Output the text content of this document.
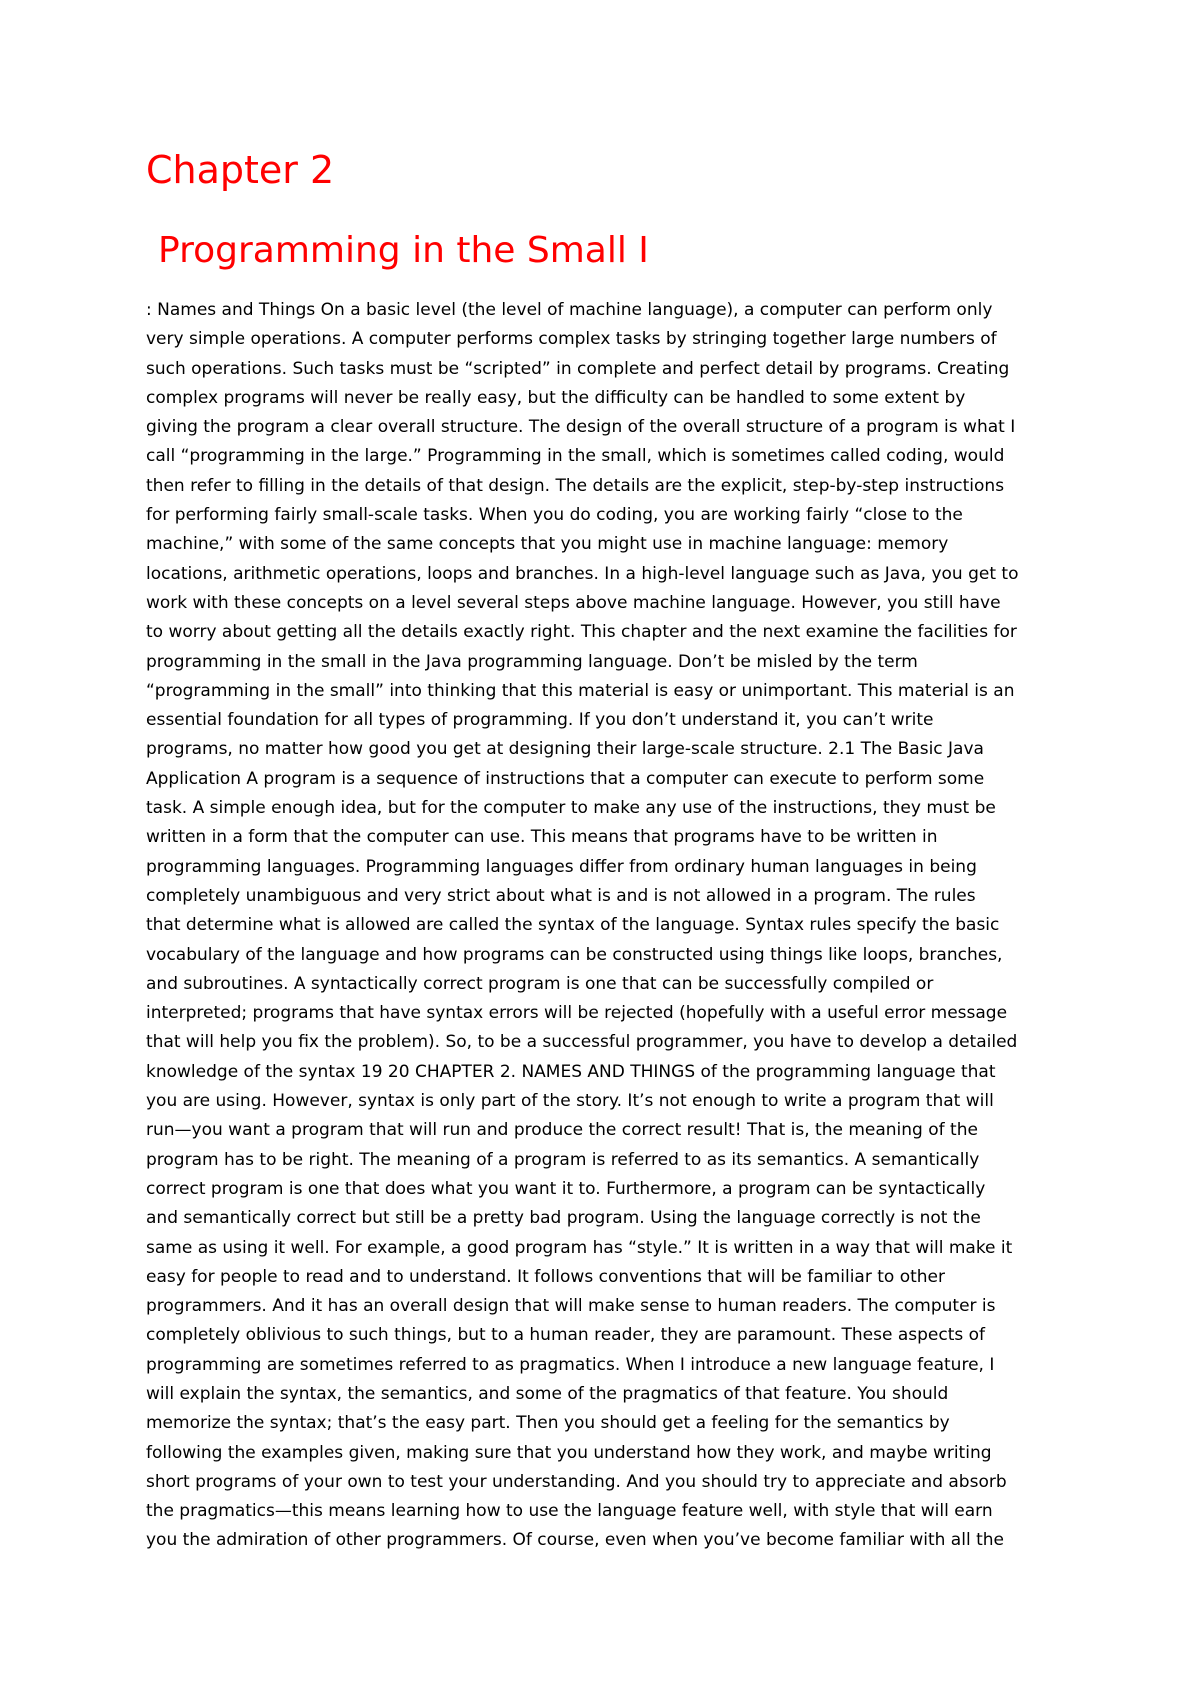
Chapter 2
Programming in the Small I
: Names and Things On a basic level (the level of machine language), a computer can perform only
very simple operations. A computer performs complex tasks by stringing together large numbers of
such operations. Such tasks must be “scripted” in complete and perfect detail by programs. Creating
complex programs will never be really easy, but the difficulty can be handled to some extent by
giving the program a clear overall structure. The design of the overall structure of a program is what I
call “programming in the large.” Programming in the small, which is sometimes called coding, would
then refer to filling in the details of that design. The details are the explicit, step-by-step instructions
for performing fairly small-scale tasks. When you do coding, you are working fairly “close to the
machine,” with some of the same concepts that you might use in machine language: memory
locations, arithmetic operations, loops and branches. In a high-level language such as Java, you get to
work with these concepts on a level several steps above machine language. However, you still have
to worry about getting all the details exactly right. This chapter and the next examine the facilities for
programming in the small in the Java programming language. Don’t be misled by the term
“programming in the small” into thinking that this material is easy or unimportant. This material is an
essential foundation for all types of programming. If you don’t understand it, you can’t write
programs, no matter how good you get at designing their large-scale structure. 2.1 The Basic Java
Application A program is a sequence of instructions that a computer can execute to perform some
task. A simple enough idea, but for the computer to make any use of the instructions, they must be
written in a form that the computer can use. This means that programs have to be written in
programming languages. Programming languages differ from ordinary human languages in being
completely unambiguous and very strict about what is and is not allowed in a program. The rules
that determine what is allowed are called the syntax of the language. Syntax rules specify the basic
vocabulary of the language and how programs can be constructed using things like loops, branches,
and subroutines. A syntactically correct program is one that can be successfully compiled or
interpreted; programs that have syntax errors will be rejected (hopefully with a useful error message
that will help you fix the problem). So, to be a successful programmer, you have to develop a detailed
knowledge of the syntax 19 20 CHAPTER 2. NAMES AND THINGS of the programming language that
you are using. However, syntax is only part of the story. It’s not enough to write a program that will
run—you want a program that will run and produce the correct result! That is, the meaning of the
program has to be right. The meaning of a program is referred to as its semantics. A semantically
correct program is one that does what you want it to. Furthermore, a program can be syntactically
and semantically correct but still be a pretty bad program. Using the language correctly is not the
same as using it well. For example, a good program has “style.” It is written in a way that will make it
easy for people to read and to understand. It follows conventions that will be familiar to other
programmers. And it has an overall design that will make sense to human readers. The computer is
completely oblivious to such things, but to a human reader, they are paramount. These aspects of
programming are sometimes referred to as pragmatics. When I introduce a new language feature, I
will explain the syntax, the semantics, and some of the pragmatics of that feature. You should
memorize the syntax; that’s the easy part. Then you should get a feeling for the semantics by
following the examples given, making sure that you understand how they work, and maybe writing
short programs of your own to test your understanding. And you should try to appreciate and absorb
the pragmatics—this means learning how to use the language feature well, with style that will earn
you the admiration of other programmers. Of course, even when you’ve become familiar with all the
